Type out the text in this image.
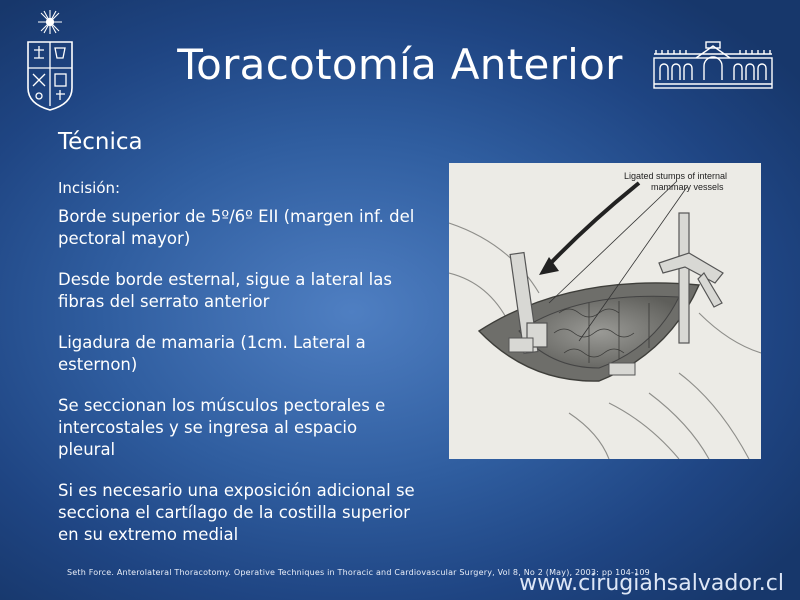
Toracotomía Anterior
Técnica
Incisión:
Borde superior de 5º/6º EII (margen inf. del pectoral mayor)
Desde borde esternal, sigue a lateral las fibras del serrato anterior
Ligadura de mamaria (1cm. Lateral a esternon)
Se seccionan los músculos pectorales e intercostales y se ingresa al espacio pleural
Si es necesario una exposición adicional se secciona el cartílago de la costilla superior en su extremo medial
Ligated stumps of internal
mammary vessels
Seth Force. Anterolateral Thoracotomy. Operative Techniques in Thoracic and Cardiovascular Surgery, Vol 8, No 2 (May), 2003: pp 104-109
www.cirugiahsalvador.cl
